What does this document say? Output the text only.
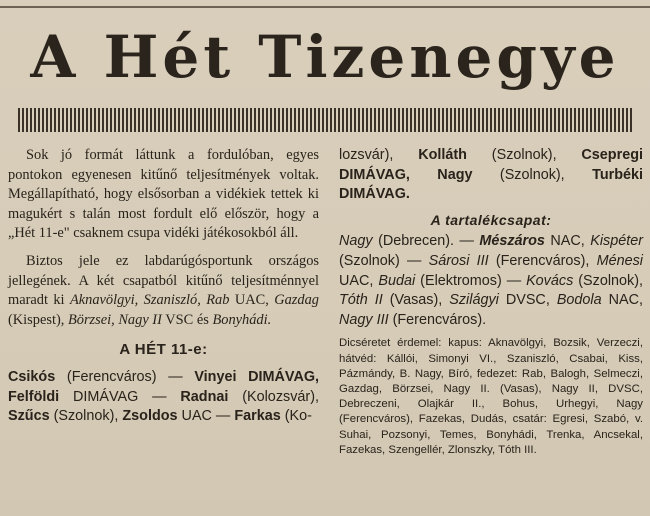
A Hét Tizenegye

Sok jó formát láttunk a fordulóban, egyes pontokon egyenesen kitűnő teljesítmények voltak. Megállapítható, hogy elsősorban a vidékiek tettek ki magukért s talán most fordult elő először, hogy a „Hét 11-e" csaknem csupa vidéki játékosokból áll.

Biztos jele ez labdarúgósportunk országos jellegének. A két csapatból kitűnő teljesítménnyel maradt ki Aknavölgyi, Szaniszló, Rab UAC, Gazdag (Kispest), Börzsei, Nagy II VSC és Bonyhádi.

A HÉT 11-e:

Csikós (Ferencváros) — Vinyei DIMÁVAG, Felföldi DIMÁVAG — Radnai (Kolozsvár), Szűcs (Szolnok), Zsoldos UAC — Farkas (Ko-

lozsvár), Kolláth (Szolnok), Csepregi DIMÁVAG, Nagy (Szolnok), Turbéki DIMÁVAG.

A tartalékcsapat:

Nagy (Debrecen). — Mészáros NAC, Kispéter (Szolnok) — Sárosi III (Ferencváros), Ménesi UAC, Budai (Elektromos) — Kovács (Szolnok), Tóth II (Vasas), Szilágyi DVSC, Bodola NAC, Nagy III (Ferencváros).

Dicséretet érdemel: kapus: Aknavölgyi, Bozsik, Verzeczi, hátvéd: Kállói, Simonyi VI., Szaniszló, Csabai, Kiss, Pázmándy, B. Nagy, Bíró, fedezet: Rab, Balogh, Selmeczi, Gazdag, Börzsei, Nagy II. (Vasas), Nagy II, DVSC, Debreczeni, Olajkár II., Bohus, Urhegyi, Nagy (Ferencváros), Fazekas, Dudás, csatár: Egresi, Szabó, v. Suhai, Pozsonyi, Temes, Bonyhádi, Trenka, Ancsekal, Fazekas, Szengellér, Zlonszky, Tóth III.
